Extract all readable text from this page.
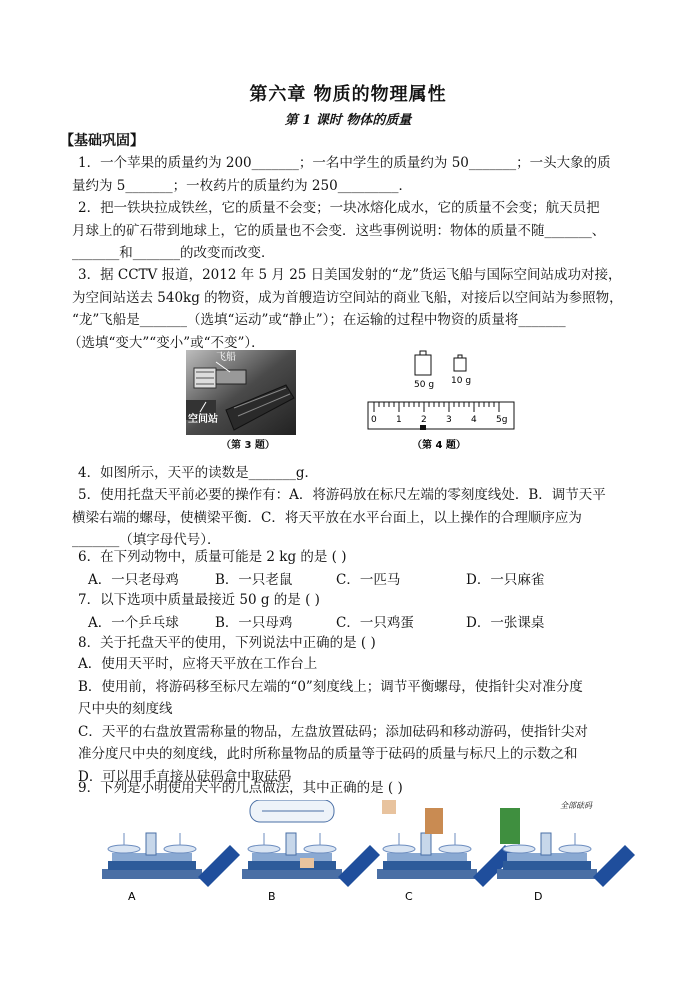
第六章 物质的物理属性
第 1 课时 物体的质量
【基础巩固】
1．一个苹果的质量约为 200_______；一名中学生的质量约为 50_______；一头大象的质
量约为 5_______；一枚药片的质量约为 250_________．
2．把一铁块拉成铁丝，它的质量不会变；一块冰熔化成水，它的质量不会变；航天员把
月球上的矿石带到地球上，它的质量也不会变．这些事例说明：物体的质量不随_______、
_______和_______的改变而改变．
3．据 CCTV 报道，2012 年 5 月 25 日美国发射的“龙”货运飞船与国际空间站成功对接，
为空间站送去 540kg 的物资，成为首艘造访空间站的商业飞船，对接后以空间站为参照物，
“龙”飞船是_______（选填“运动”或“静止”）；在运输的过程中物资的质量将_______
（选填“变大”“变小”或“不变”）．
飞船
空间站
（第 3 题）
50 g 10 g
0 1 2 3 4 5g
（第 4 题）
4．如图所示，天平的读数是_______g．
5．使用托盘天平前必要的操作有：A．将游码放在标尺左端的零刻度线处．B．调节天平
横梁右端的螺母，使横梁平衡．C．将天平放在水平台面上，以上操作的合理顺序应为
_______（填字母代号）．
6．在下列动物中，质量可能是 2 kg 的是 ( )
A．一只老母鸡	B．一只老鼠	C．一匹马	D．一只麻雀
7．以下选项中质量最接近 50 g 的是 ( )
A．一个乒乓球	B．一只母鸡	C．一只鸡蛋	D．一张课桌
8．关于托盘天平的使用，下列说法中正确的是 ( )
A．使用天平时，应将天平放在工作台上
B．使用前，将游码移至标尺左端的“0”刻度线上；调节平衡螺母，使指针尖对准分度
尺中央的刻度线
C．天平的右盘放置需称量的物品，左盘放置砝码；添加砝码和移动游码，使指针尖对
准分度尺中央的刻度线，此时所称量物品的质量等于砝码的质量与标尺上的示数之和
D．可以用手直接从砝码盒中取砝码
9．下列是小明使用天平的几点做法，其中正确的是 ( )
全部砝码
A	B	C	D
